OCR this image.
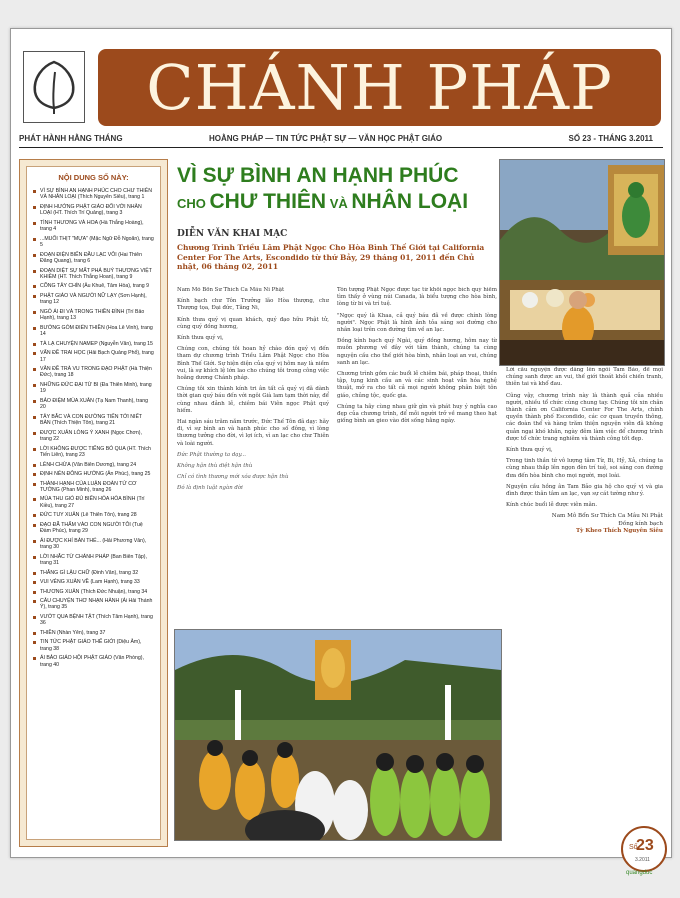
CHÁNH PHÁP
PHÁT HÀNH HẰNG THÁNG	HOẰNG PHÁP — TIN TỨC PHẬT SỰ — VĂN HỌC PHẬT GIÁO	SỐ 23 - THÁNG 3.2011
NỘI DUNG SỐ NÀY:
VÌ SỰ BÌNH AN HẠNH PHÚC CHO CHƯ THIÊN VÀ NHÂN LOẠI (Thích Nguyên Siêu), trang 1
ĐỊNH HƯỚNG PHẬT GIÁO ĐỐI VỚI NHÂN LOẠI (HT. Thích Trí Quảng), trang 3
TÌNH THƯƠNG VÀ HOA (Hà Thắng Hoàng), trang 4
...MUỐI THỊT "MỰA" (Mặc Ngữ Đỗ Ngoãn), trang 5
ĐOẠN ĐIỆN BIẾN ĐẦU LẠC VÔI (Hai Thiên Đăng Quang), trang 6
ĐOẠN DIỆT SỰ MẤT PHÁ BUÝ THƯƠNG VIỆT KHIÊM (HT. Thích Thắng Hoan), trang 9
CÕNG TÂY CHÍN (Âu Khuê, Tâm Hòa), trang 9
PHẬT GIÁO VÀ NGƯỜI NỮ LẠY (Sơn Hạnh), trang 12
NGỎ ÁI ĐI VÀ TRONG THIỀN ĐÌNH (Trí Bảo Hạnh), trang 13
BƯỚNG GÓM ĐIỂN THIỀN (Hoa Lê Vinh), trang 14
TÀ LẠ CHUYỆN NAMEP (Nguyễn Văn), trang 15
VẤN ĐỀ TRAI HỌC (Hải Bạch Quảng Phổ), trang 17
VĂN ĐỀ TRÀ VU TRONG ĐẠO PHẬT (Hà Thiện Đức), trang 18
NHỮNG ĐỨC ĐẠI TỪ BI (Đa Thiên Minh), trang 19
BẢO ĐIỆM MÙA XUÂN (Tạ Nam Thanh), trang 20
TÂY BẮC VÀ CON ĐƯỜNG TIẾN TỚI NIẾT BÀN (Thích Thiện Tôn), trang 21
ĐƯỢC XUÂN LÒNG Ý XANH (Ngọc Chơn), trang 22
LỜI KHÔNG ĐƯỢC TIẾNG BỎ QUA (HT. Thích Tiến Liên), trang 23
LÊNH CHỪA (Văn Biên Dương), trang 24
ĐỊNH NÊN ĐÔNG HƯỚNG (Ân Phúc), trang 25
THÀNH HẠNH CỦA LUẬN ĐOÀN TỬ CƠ TƯỞNG (Phan Minh), trang 26
MÙA THU GIÓ ĐỦ BIẾN HÓA HÒA BÌNH (Trí Kiều), trang 27
ĐỨC TUY XUÂN (Lê Thiên Tôn), trang 28
ĐẠO ĐÃ THẤM VÀO CON NGƯỜI TÔI (Tuệ Đàm Phúc), trang 29
ÁI ĐƯỢC KHÍ BÀN THỂ... (Hải Phương Vân), trang 30
LỜI NHẮC TỪ CHÁNH PHÁP (Ban Biên Tập), trang 31
THẮNG GÌ LẬU CHỮ (Đinh Văn), trang 32
VUI VẺNG XUÂN VỀ (Lam Hạnh), trang 33
THƯƠNG XUÂN (Thích Đức Nhuận), trang 34
CÂU CHUYỆN THƠ NHẠN HÀNH (Ái Hải Thánh Ý), trang 35
VƯỚT QUA BỆNH TẬT (Thích Tâm Hạnh), trang 36
THIỀN (Nhàn Yên), trang 37
TIN TỨC PHẬT GIÁO THẾ GIỚI (Diệu Âm), trang 38
ÁI BẢO GIÁO HỘI PHẬT GIÁO (Văn Phòng), trang 40
VÌ SỰ BÌNH AN HẠNH PHÚC
CHO CHƯ THIÊN VÀ NHÂN LOẠI
DIỄN VĂN KHAI MẠC
Chương Trình Triều Lâm Phật Ngọc Cho Hòa Bình Thế Giới tại California Center For The Arts, Escondido từ thứ Bảy, 29 tháng 01, 2011 đến Chủ nhật, 06 tháng 02, 2011

Nam Mô Bổn Sư Thích Ca Mâu Ni Phật

Kính bạch chư Tôn Trưởng lão Hòa thượng, chư Thượng tọa, Đại đức, Tăng Ni,

Kính thưa quý vị quan khách, quý đạo hữu Phật tử, cùng quý đồng hương,

Kính thưa quý vị,

Chúng con, chúng tôi hoan hỷ chào đón quý vị đến tham dự chương trình Triều Lâm Phật Ngọc cho Hòa Bình Thế Giới. Sự hiện diện của quý vị hôm nay là niềm vui, là sự khích lệ lớn lao cho chúng tôi trong công việc hoằng dương Chánh pháp.

Chúng tôi xin thành kính tri ân tất cả quý vị đã dành thời gian quý báu đến với ngôi Già lam tạm thời này, để cùng nhau đảnh lễ, chiêm bái Viên ngọc Phật quý hiếm.

Hai ngàn sáu trăm năm trước, Đức Thế Tôn đã dạy: hãy đi, vì sự bình an và hạnh phúc cho số đông, vì lòng thương tưởng cho đời, vì lợi ích, vì an lạc cho chư Thiên và loài người.

Đức Phật thường ta dạy...

Không hận thù diệt hận thù

Chỉ có tình thương mới xóa được hận thù

Đó là định luật ngàn đời

Tôn tượng Phật Ngọc được tạc từ khối ngọc bích quý hiếm tìm thấy ở vùng núi Canada, là biểu tượng cho hòa bình, lòng từ bi và trí tuệ.

"Ngọc quý là Khaa, cả quý báu đã về được chính lòng người". Ngọc Phật là hình ảnh tỏa sáng soi đường cho nhân loại trên con đường tìm về an lạc.

Đồng kính bạch quý Ngài, quý đồng hương, hôm nay từ muôn phương về đây với tâm thành, chúng ta cùng nguyện cầu cho thế giới hòa bình, nhân loại an vui, chúng sanh an lạc.

Chương trình gồm các buổi lễ chiêm bái, pháp thoại, thiền tập, tụng kinh cầu an và các sinh hoạt văn hóa nghệ thuật, mở ra cho tất cả mọi người không phân biệt tôn giáo, chủng tộc, quốc gia.

Chúng ta hãy cùng nhau giữ gìn và phát huy ý nghĩa cao đẹp của chương trình, để mỗi người trở về mang theo hạt giống bình an gieo vào đời sống hằng ngày.

Lời cầu nguyện được dâng lên ngôi Tam Bảo, để mọi chúng sanh được an vui, thế giới thoát khỏi chiến tranh, thiên tai và khổ đau.

Cũng vậy, chương trình này là thành quả của nhiều người, nhiều tổ chức cùng chung tay. Chúng tôi xin chân thành cảm ơn California Center For The Arts, chính quyền thành phố Escondido, các cơ quan truyền thông, các đoàn thể và hàng trăm thiện nguyện viên đã không quản ngại khó khăn, ngày đêm làm việc để chương trình được tổ chức trang nghiêm và thành công tốt đẹp.

Kính thưa quý vị,

Trong tinh thần tứ vô lượng tâm Từ, Bi, Hỷ, Xả, chúng ta cùng nhau thắp lên ngọn đèn trí tuệ, soi sáng con đường đưa đến hòa bình cho mọi người, mọi loài.

Nguyện cầu hồng ân Tam Bảo gia hộ cho quý vị và gia đình được thân tâm an lạc, vạn sự cát tường như ý.

Kính chúc buổi lễ được viên mãn.

Nam Mô Bổn Sư Thích Ca Mâu Ni Phật
Đồng kính bạch
Tỳ Kheo Thích Nguyên Siêu
Số
23
3.2011
quangduc
